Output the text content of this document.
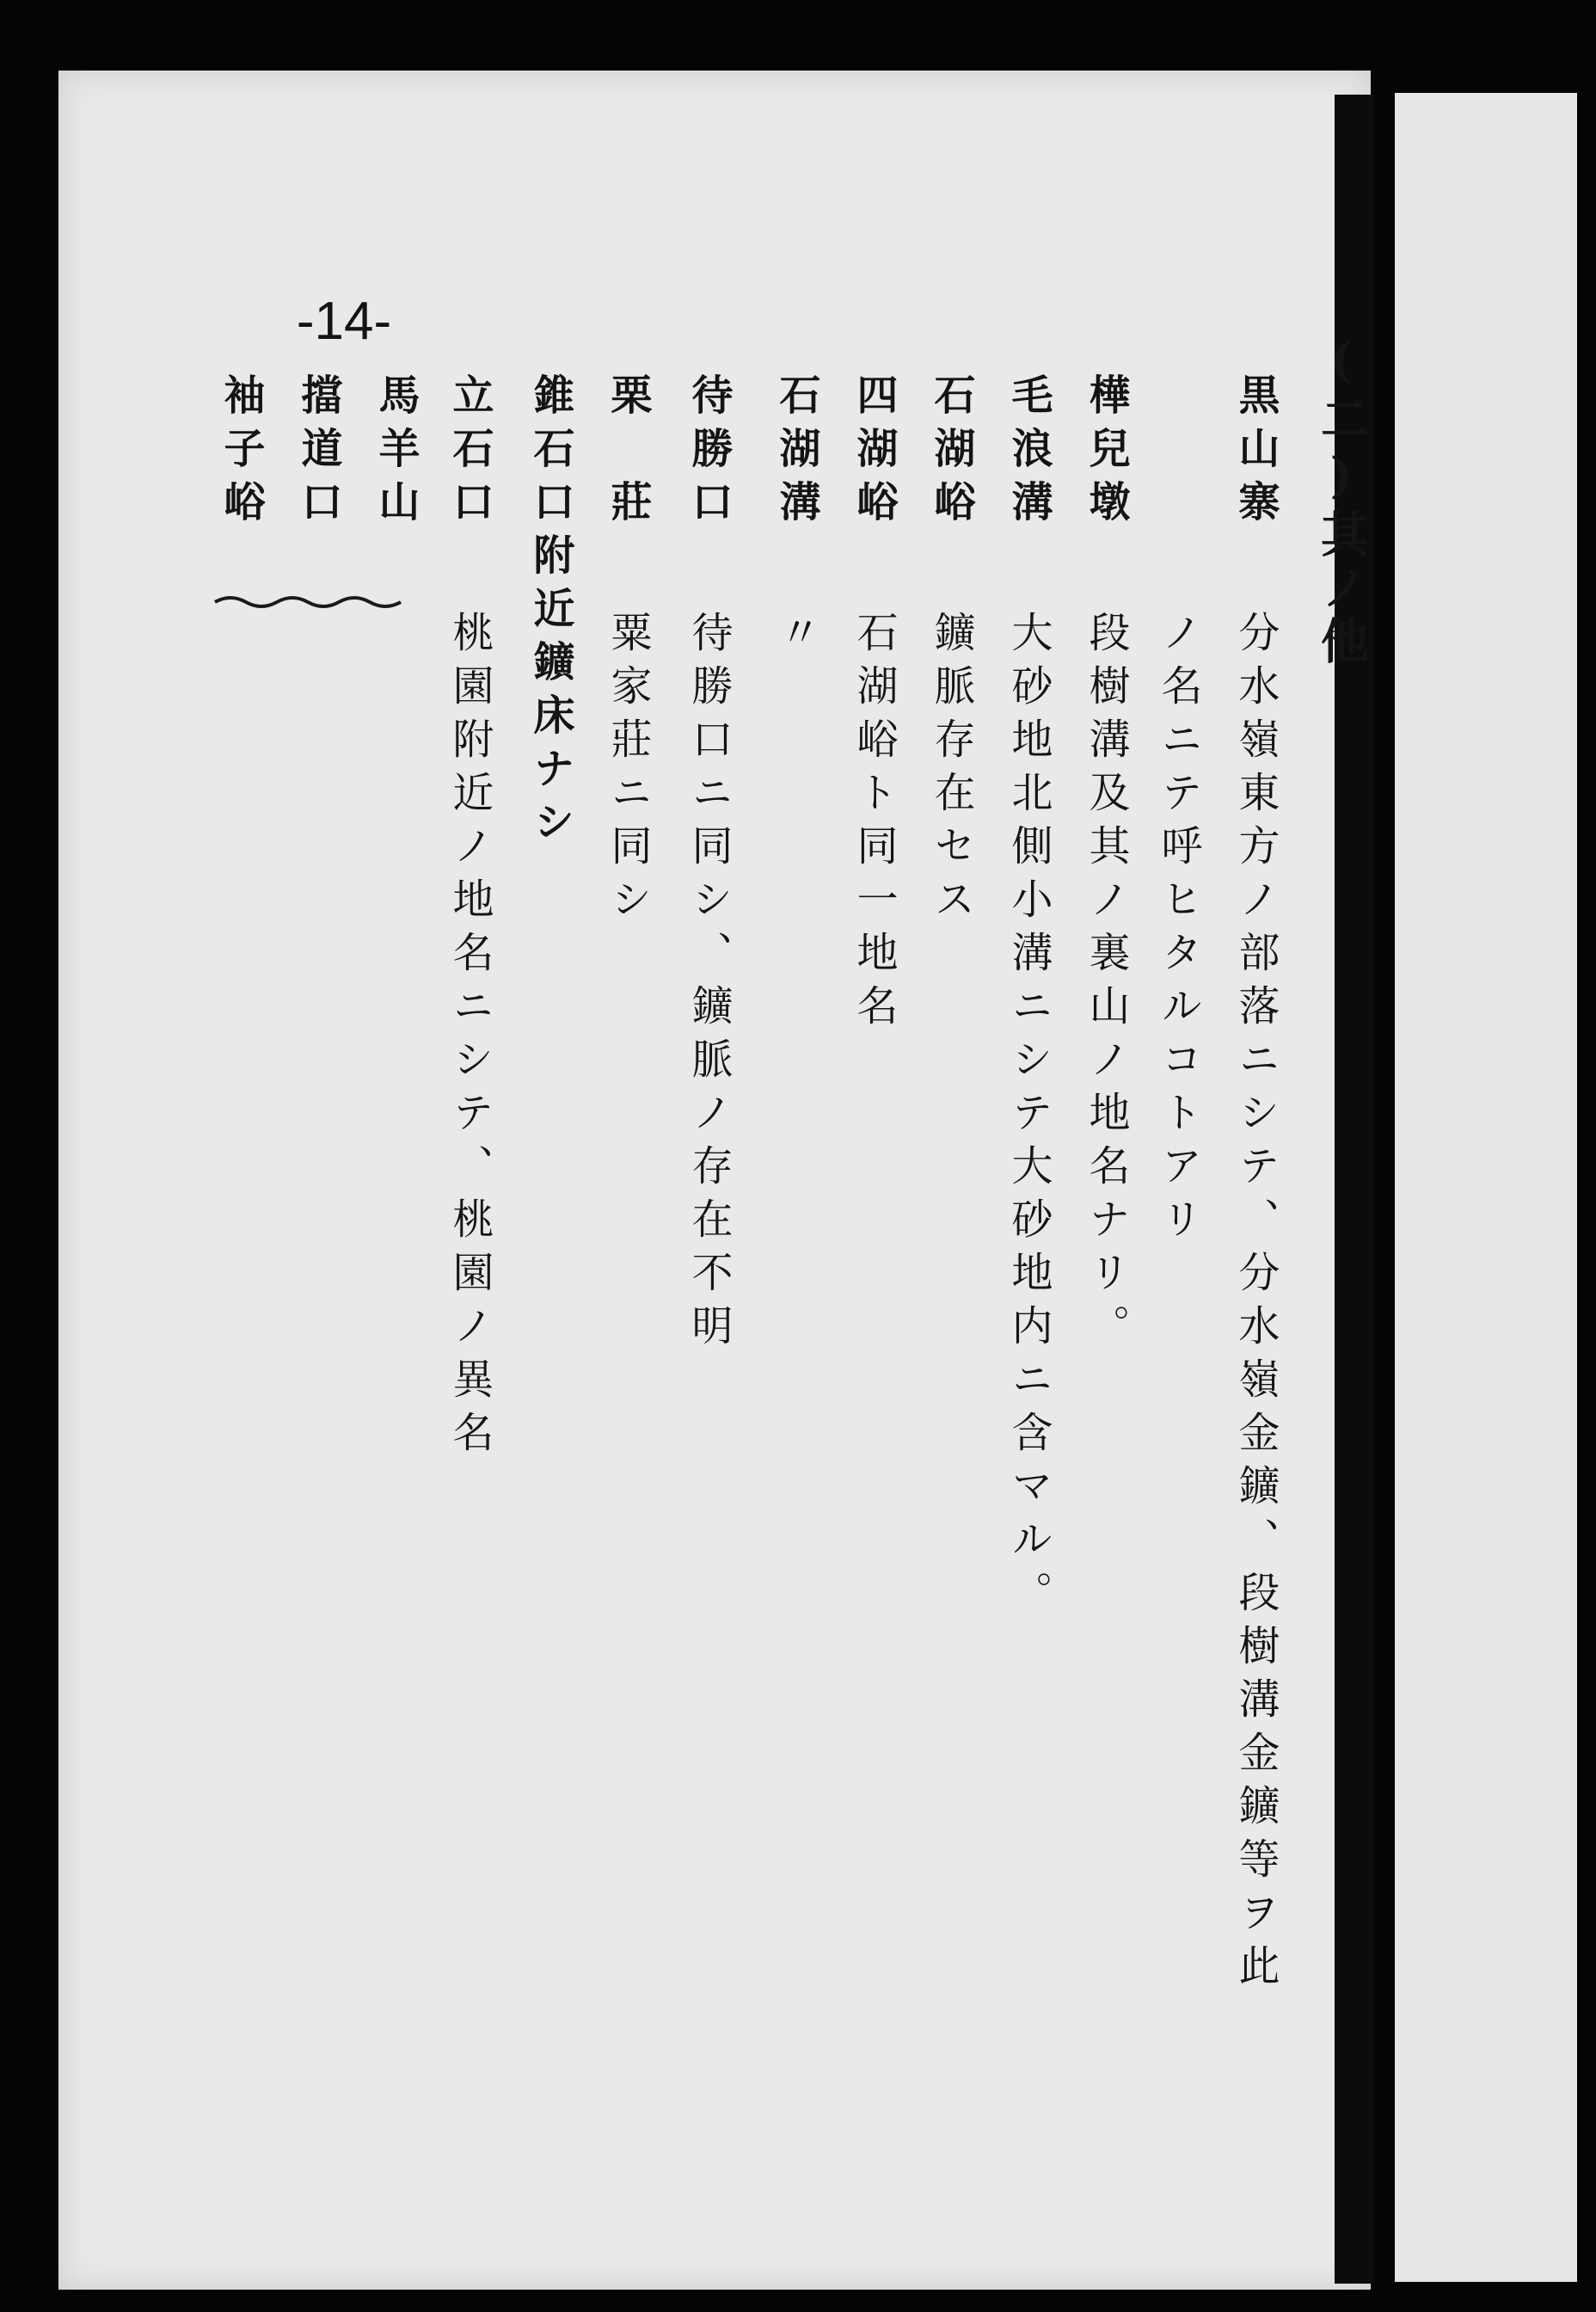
(二)其ノ他
黒山寨
分水嶺東方ノ部落ニシテ、分水嶺金鑛、段樹溝金鑛等ヲ此
ノ名ニテ呼ヒタルコトアリ
樺兒墩
段樹溝及其ノ裏山ノ地名ナリ。
毛浪溝
大砂地北側小溝ニシテ大砂地内ニ含マル。
石湖峪
鑛脈存在セス
四湖峪
石湖峪ト同一地名
石湖溝
〃
待勝口
待勝口ニ同シ、鑛脈ノ存在不明
栗　莊
粟家莊ニ同シ
錐石口附近鑛床ナシ
立石口
桃園附近ノ地名ニシテ、桃園ノ異名
馬羊山
擋道口
袖子峪
-14-
